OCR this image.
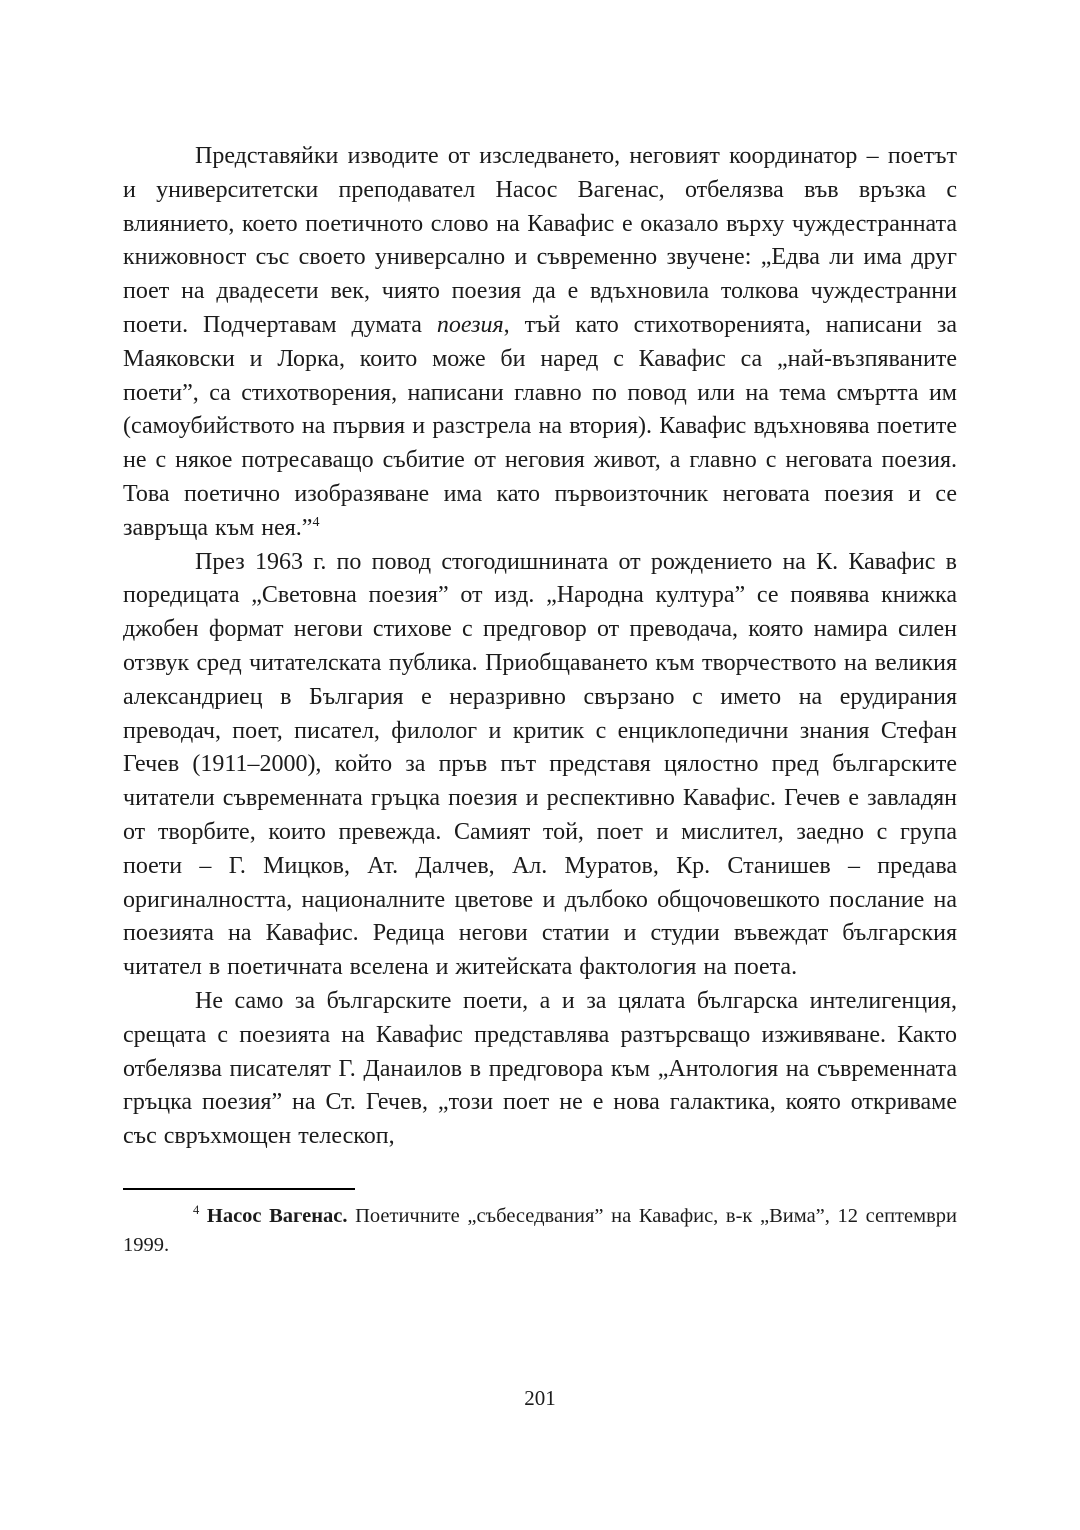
Представяйки изводите от изследването, неговият координатор – поетът и университетски преподавател Насос Вагенас, отбелязва във връзка с влиянието, което поетичното слово на Кавафис е оказало върху чуждестранната книжовност със своето универсално и съвременно звучене: „Едва ли има друг поет на двадесети век, чиято поезия да е вдъхновила толкова чуждестранни поети. Подчертавам думата поезия, тъй като стихотворенията, написани за Маяковски и Лорка, които може би наред с Кавафис са „най-възпяваните поети”, са стихотворения, написани главно по повод или на тема смъртта им (самоубийството на първия и разстрела на втория). Кавафис вдъхновява поетите не с някое потресаващо събитие от неговия живот, а главно с неговата поезия. Това поетично изобразяване има като първоизточник неговата поезия и се завръща към нея.”$^4$

През 1963 г. по повод стогодишнината от рождението на К. Кавафис в поредицата „Световна поезия” от изд. „Народна култура” се появява книжка джобен формат негови стихове с предговор от преводача, която намира силен отзвук сред читателската публика. Приобщаването към творчеството на великия александриец в България е неразривно свързано с името на ерудирания преводач, поет, писател, филолог и критик с енциклопедични знания Стефан Гечев (1911–2000), който за пръв път представя цялостно пред българските читатели съвременната гръцка поезия и респективно Кавафис. Гечев е завладян от творбите, които превежда. Самият той, поет и мислител, заедно с група поети – Г. Мицков, Ат. Далчев, Ал. Муратов, Кр. Станишев – предава оригиналността, националните цветове и дълбоко общочовешкото послание на поезията на Кавафис. Редица негови статии и студии въвеждат българския читател в поетичната вселена и житейската фактология на поета.

Не само за българските поети, а и за цялата българска интелигенция, срещата с поезията на Кавафис представлява разтърсващо изживяване. Както отбелязва писателят Г. Данаилов в предговора към „Антология на съвременната гръцка поезия” на Ст. Гечев, „този поет не е нова галактика, която откриваме със свръхмощен телескоп,

$^4$ Насос Вагенас. Поетичните „събеседвания” на Кавафис, в-к „Вима”, 12 септември 1999.

201
